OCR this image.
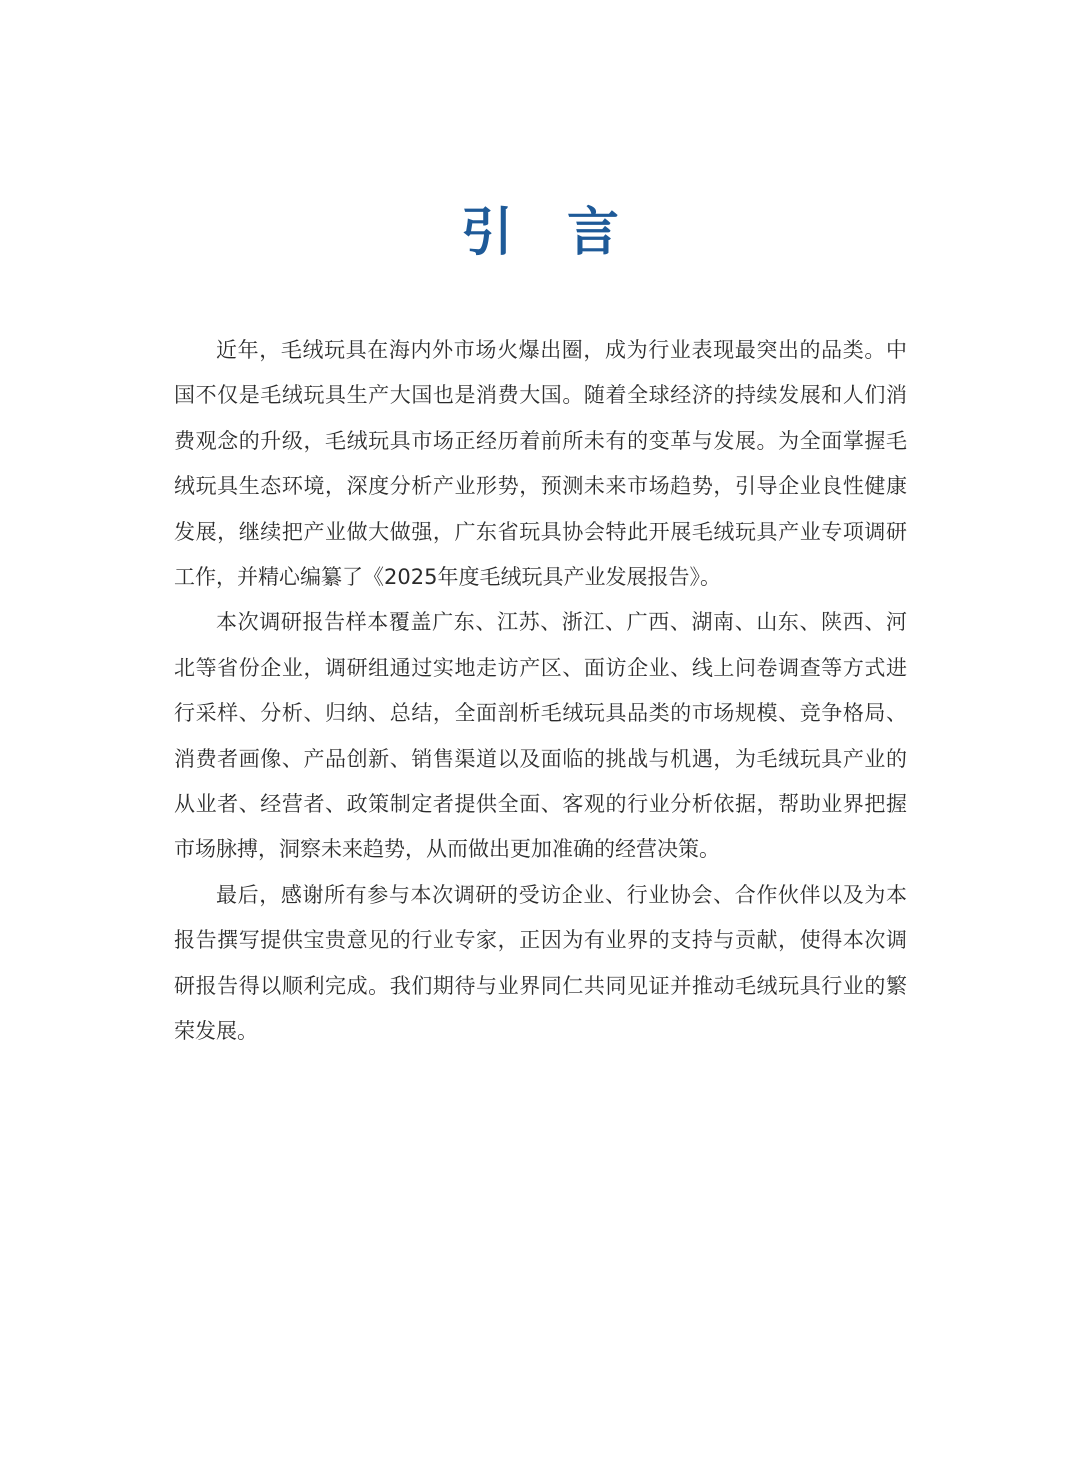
引 言

近年，毛绒玩具在海内外市场火爆出圈，成为行业表现最突出的品类。中国不仅是毛绒玩具生产大国也是消费大国。随着全球经济的持续发展和人们消费观念的升级，毛绒玩具市场正经历着前所未有的变革与发展。为全面掌握毛绒玩具生态环境，深度分析产业形势，预测未来市场趋势，引导企业良性健康发展，继续把产业做大做强，广东省玩具协会特此开展毛绒玩具产业专项调研工作，并精心编纂了《2025年度毛绒玩具产业发展报告》。

本次调研报告样本覆盖广东、江苏、浙江、广西、湖南、山东、陕西、河北等省份企业，调研组通过实地走访产区、面访企业、线上问卷调查等方式进行采样、分析、归纳、总结，全面剖析毛绒玩具品类的市场规模、竞争格局、消费者画像、产品创新、销售渠道以及面临的挑战与机遇，为毛绒玩具产业的从业者、经营者、政策制定者提供全面、客观的行业分析依据，帮助业界把握市场脉搏，洞察未来趋势，从而做出更加准确的经营决策。

最后，感谢所有参与本次调研的受访企业、行业协会、合作伙伴以及为本报告撰写提供宝贵意见的行业专家，正因为有业界的支持与贡献，使得本次调研报告得以顺利完成。我们期待与业界同仁共同见证并推动毛绒玩具行业的繁荣发展。
